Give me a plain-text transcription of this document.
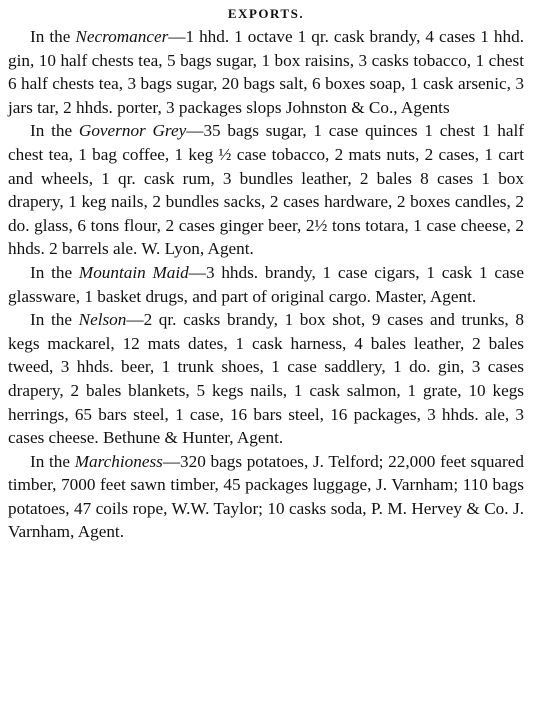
EXPORTS.

In the Necromancer—1 hhd. 1 octave 1 qr. cask brandy, 4 cases 1 hhd. gin, 10 half chests tea, 5 bags sugar, 1 box raisins, 3 casks tobacco, 1 chest 6 half chests tea, 3 bags sugar, 20 bags salt, 6 boxes soap, 1 cask arsenic, 3 jars tar, 2 hhds. porter, 3 packages slops Johnston & Co., Agents

In the Governor Grey—35 bags sugar, 1 case quinces 1 chest 1 half chest tea, 1 bag coffee, 1 keg ½ case tobacco, 2 mats nuts, 2 cases, 1 cart and wheels, 1 qr. cask rum, 3 bundles leather, 2 bales 8 cases 1 box drapery, 1 keg nails, 2 bundles sacks, 2 cases hardware, 2 boxes candles, 2 do. glass, 6 tons flour, 2 cases ginger beer, 2½ tons totara, 1 case cheese, 2 hhds. 2 barrels ale. W. Lyon, Agent.

In the Mountain Maid—3 hhds. brandy, 1 case cigars, 1 cask 1 case glassware, 1 basket drugs, and part of original cargo. Master, Agent.

In the Nelson—2 qr. casks brandy, 1 box shot, 9 cases and trunks, 8 kegs mackarel, 12 mats dates, 1 cask harness, 4 bales leather, 2 bales tweed, 3 hhds. beer, 1 trunk shoes, 1 case saddlery, 1 do. gin, 3 cases drapery, 2 bales blankets, 5 kegs nails, 1 cask salmon, 1 grate, 10 kegs herrings, 65 bars steel, 1 case, 16 bars steel, 16 packages, 3 hhds. ale, 3 cases cheese. Bethune & Hunter, Agent.

In the Marchioness—320 bags potatoes, J. Telford; 22,000 feet squared timber, 7000 feet sawn timber, 45 packages luggage, J. Varnham; 110 bags potatoes, 47 coils rope, W.W. Taylor; 10 casks soda, P. M. Hervey & Co. J. Varnham, Agent.
